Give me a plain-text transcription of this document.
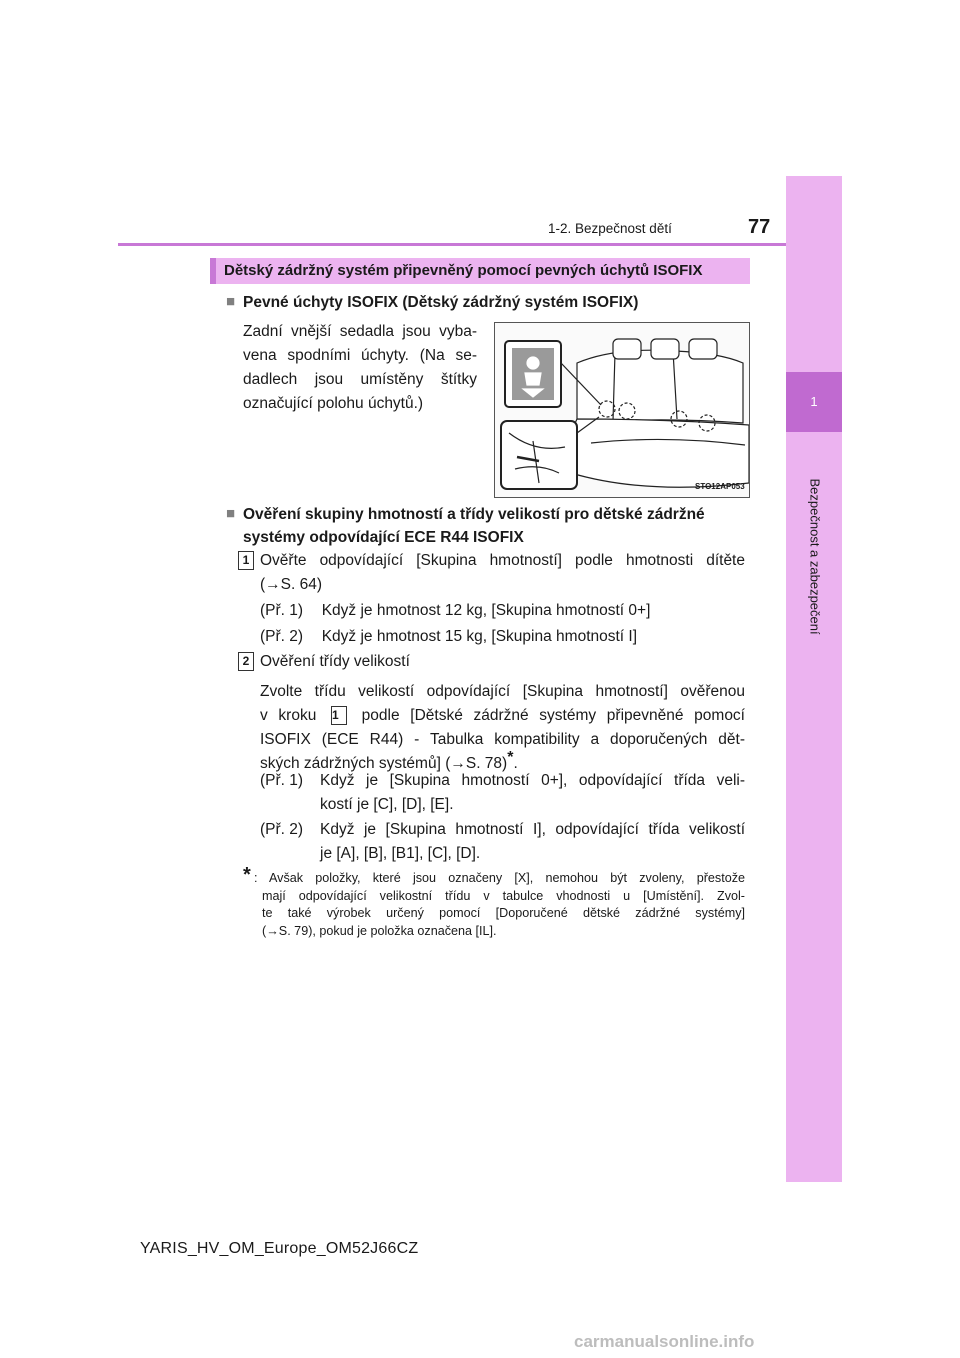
77
1-2. Bezpečnost dětí
1
Bezpečnost a zabezpečení
Dětský zádržný systém připevněný pomocí pevných úchytů ISOFIX
■ Pevné úchyty ISOFIX (Dětský zádržný systém ISOFIX)
Zadní vnější sedadla jsou vyba-
vena spodními úchyty. (Na se-
dadlech jsou umístěny štítky
označující polohu úchytů.)
STO12AP053
■ Ověření skupiny hmotností a třídy velikostí pro dětské zádržné
systémy odpovídající ECE R44 ISOFIX
1 Ověřte odpovídající [Skupina hmotností] podle hmotnosti dítěte
(→S. 64)
(Př. 1) Když je hmotnost 12 kg, [Skupina hmotností 0+]
(Př. 2) Když je hmotnost 15 kg, [Skupina hmotností I]
2 Ověření třídy velikostí
Zvolte třídu velikostí odpovídající [Skupina hmotností] ověřenou
v kroku 1 podle [Dětské zádržné systémy připevněné pomocí
ISOFIX (ECE R44) - Tabulka kompatibility a doporučených dět-
ských zádržných systémů] (→S. 78)*.
(Př. 1)	Když je [Skupina hmotností 0+], odpovídající třída veli-
kostí je [C], [D], [E].
(Př. 2)	Když je [Skupina hmotností I], odpovídající třída velikostí
je [A], [B], [B1], [C], [D].
* : Avšak položky, které jsou označeny [X], nemohou být zvoleny, přestože
mají odpovídající velikostní třídu v tabulce vhodnosti u [Umístění]. Zvol-
te také výrobek určený pomocí [Doporučené dětské zádržné systémy]
(→S. 79), pokud je položka označena [IL].
YARIS_HV_OM_Europe_OM52J66CZ
carmanualsonline.info
